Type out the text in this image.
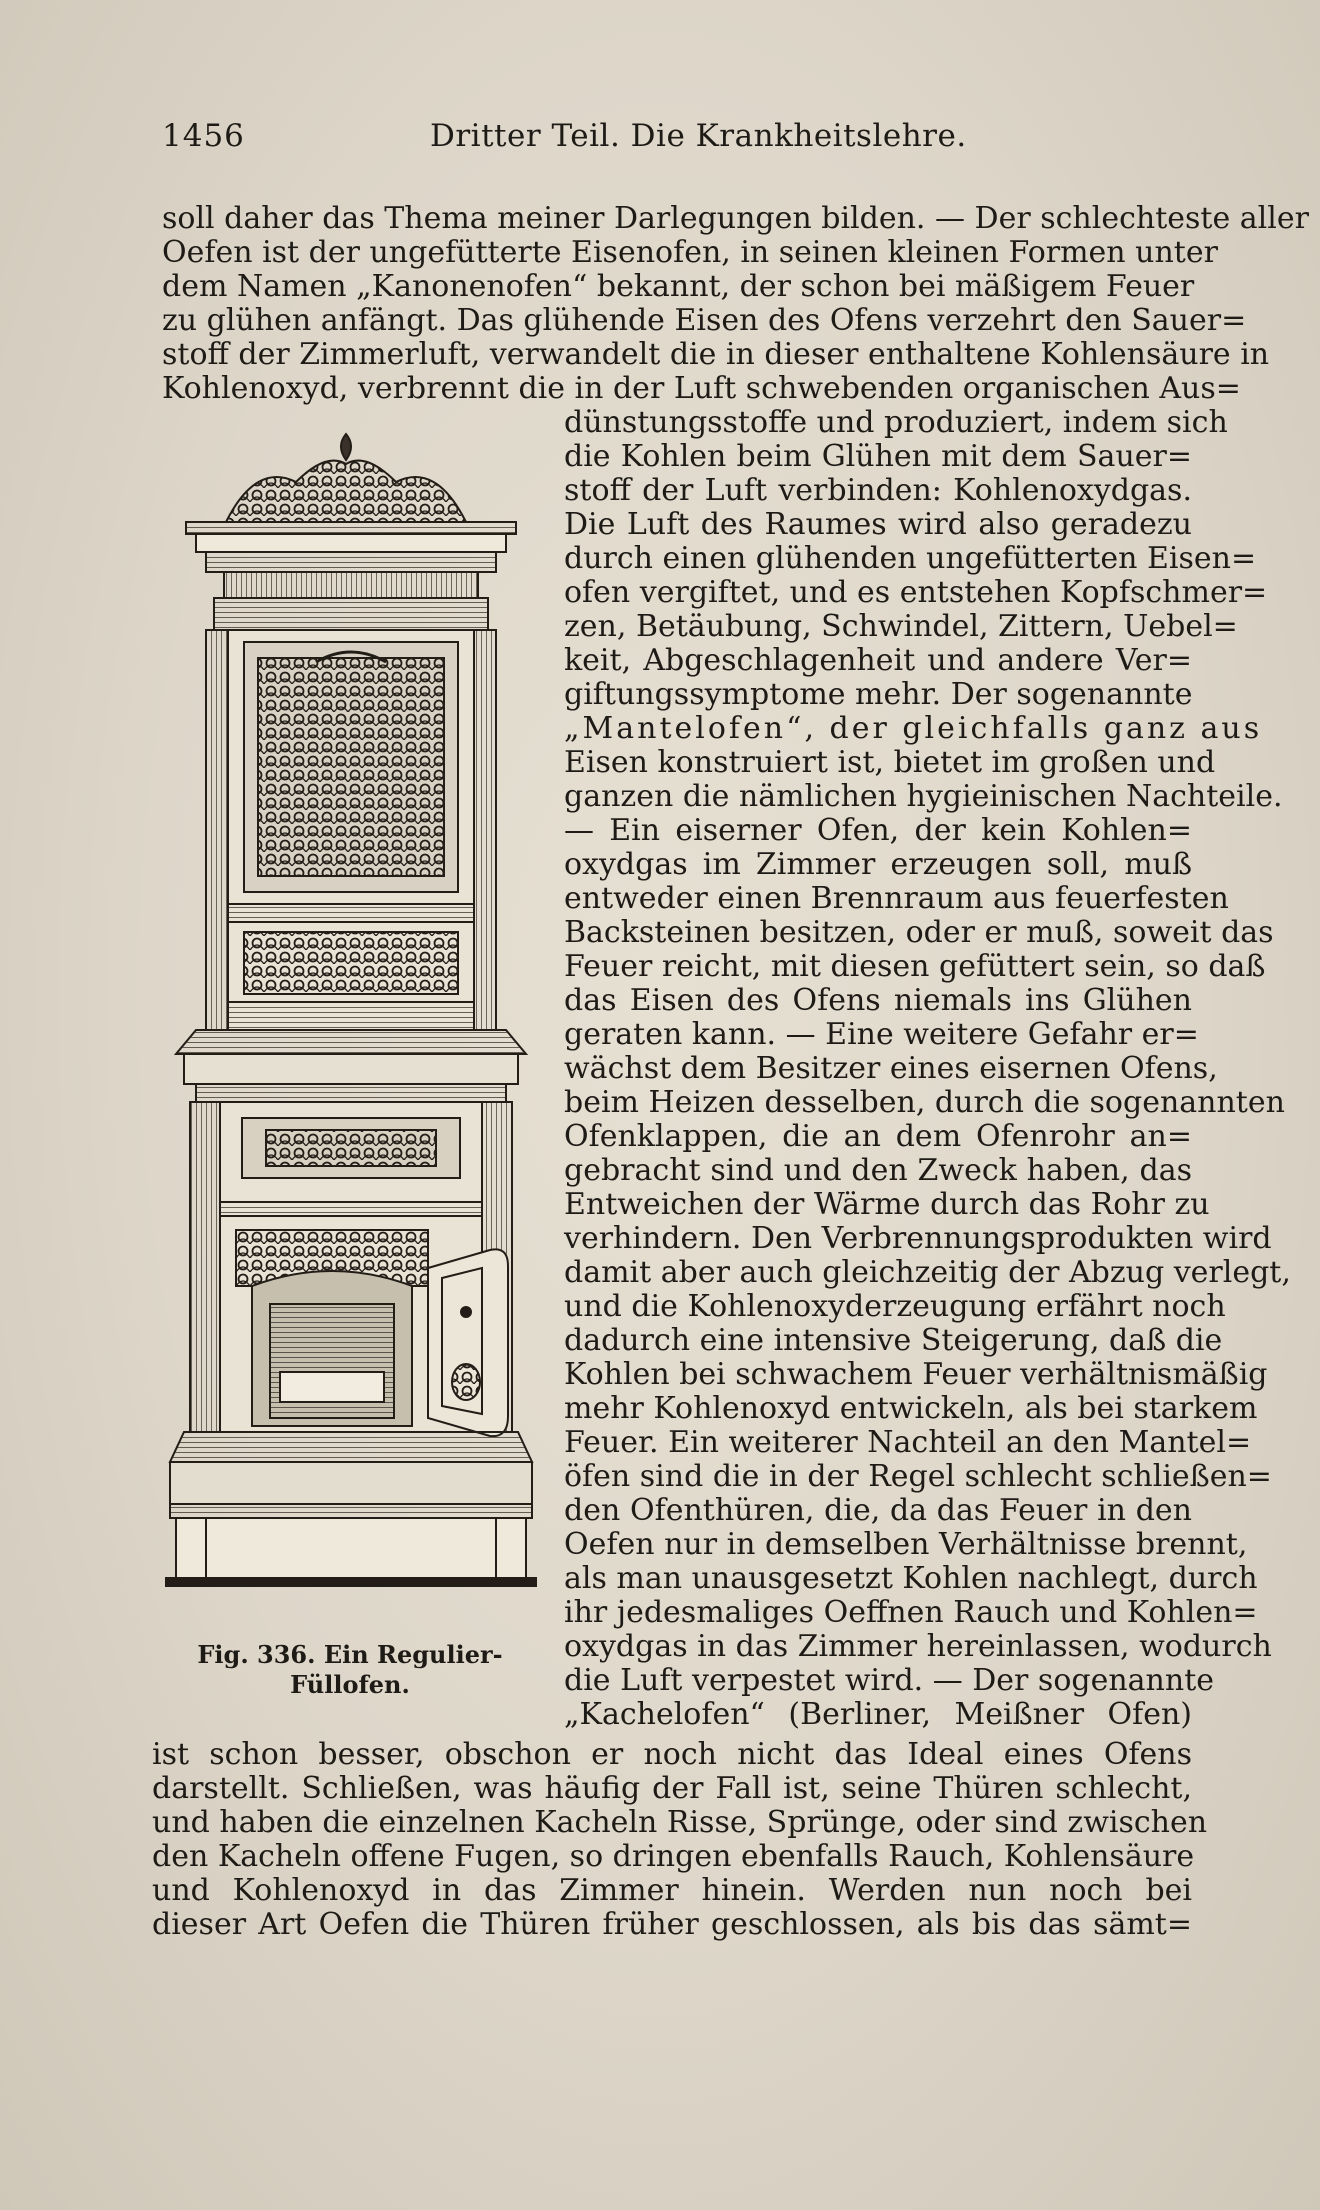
1456	Dritter Teil. Die Krankheitslehre.
soll daher das Thema meiner Darlegungen bilden. — Der schlechteste aller
Oefen ist der ungefütterte Eisenofen, in seinen kleinen Formen unter
dem Namen „Kanonenofen“ bekannt, der schon bei mäßigem Feuer
zu glühen anfängt. Das glühende Eisen des Ofens verzehrt den Sauer=
stoff der Zimmerluft, verwandelt die in dieser enthaltene Kohlensäure in
Kohlenoxyd, verbrennt die in der Luft schwebenden organischen Aus=
dünstungsstoffe und produziert, indem sich
die Kohlen beim Glühen mit dem Sauer=
stoff der Luft verbinden: Kohlenoxydgas.
Die Luft des Raumes wird also geradezu
durch einen glühenden ungefütterten Eisen=
ofen vergiftet, und es entstehen Kopfschmer=
zen, Betäubung, Schwindel, Zittern, Uebel=
keit, Abgeschlagenheit und andere Ver=
giftungssymptome mehr. Der sogenannte
„Mantelofen“, der gleichfalls ganz aus
Eisen konstruiert ist, bietet im großen und
ganzen die nämlichen hygieinischen Nachteile.
— Ein eiserner Ofen, der kein Kohlen=
oxydgas im Zimmer erzeugen soll, muß
entweder einen Brennraum aus feuerfesten
Backsteinen besitzen, oder er muß, soweit das
Feuer reicht, mit diesen gefüttert sein, so daß
das Eisen des Ofens niemals ins Glühen
geraten kann. — Eine weitere Gefahr er=
wächst dem Besitzer eines eisernen Ofens,
beim Heizen desselben, durch die sogenannten
Ofenklappen, die an dem Ofenrohr an=
gebracht sind und den Zweck haben, das
Entweichen der Wärme durch das Rohr zu
verhindern. Den Verbrennungsprodukten wird
damit aber auch gleichzeitig der Abzug verlegt,
und die Kohlenoxyderzeugung erfährt noch
dadurch eine intensive Steigerung, daß die
Kohlen bei schwachem Feuer verhältnismäßig
mehr Kohlenoxyd entwickeln, als bei starkem
Feuer. Ein weiterer Nachteil an den Mantel=
öfen sind die in der Regel schlecht schließen=
den Ofenthüren, die, da das Feuer in den
Oefen nur in demselben Verhältnisse brennt,
als man unausgesetzt Kohlen nachlegt, durch
ihr jedesmaliges Oeffnen Rauch und Kohlen=
oxydgas in das Zimmer hereinlassen, wodurch
die Luft verpestet wird. — Der sogenannte
„Kachelofen“ (Berliner, Meißner Ofen)
ist schon besser, obschon er noch nicht das Ideal eines Ofens
darstellt. Schließen, was häufig der Fall ist, seine Thüren schlecht,
und haben die einzelnen Kacheln Risse, Sprünge, oder sind zwischen
den Kacheln offene Fugen, so dringen ebenfalls Rauch, Kohlensäure
und Kohlenoxyd in das Zimmer hinein. Werden nun noch bei
dieser Art Oefen die Thüren früher geschlossen, als bis das sämt=
Fig. 336. Ein Regulier-
Füllofen.
